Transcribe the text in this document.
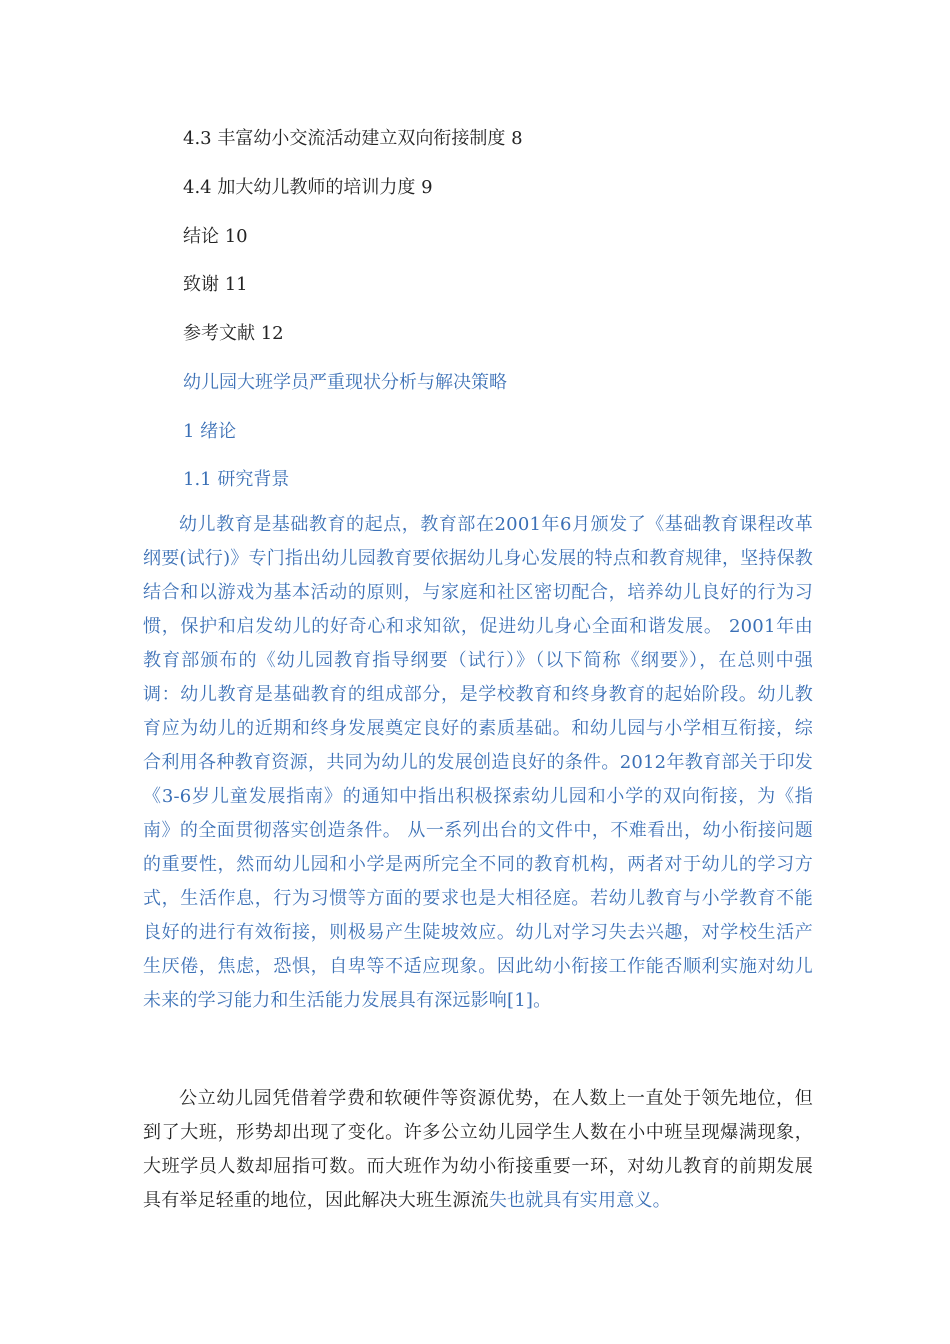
4.3 丰富幼小交流活动建立双向衔接制度 8

4.4 加大幼儿教师的培训力度 9

结论 10

致谢 11

参考文献 12

幼儿园大班学员严重现状分析与解决策略

1 绪论

1.1 研究背景

幼儿教育是基础教育的起点，教育部在2001年6月颁发了《基础教育课程改革纲要(试行)》专门指出幼儿园教育要依据幼儿身心发展的特点和教育规律，坚持保教结合和以游戏为基本活动的原则，与家庭和社区密切配合，培养幼儿良好的行为习惯，保护和启发幼儿的好奇心和求知欲，促进幼儿身心全面和谐发展。 2001年由教育部颁布的《幼儿园教育指导纲要（试行）》（以下简称《纲要》），在总则中强调：幼儿教育是基础教育的组成部分，是学校教育和终身教育的起始阶段。幼儿教育应为幼儿的近期和终身发展奠定良好的素质基础。和幼儿园与小学相互衔接，综合利用各种教育资源，共同为幼儿的发展创造良好的条件。2012年教育部关于印发《3-6岁儿童发展指南》的通知中指出积极探索幼儿园和小学的双向衔接，为《指南》的全面贯彻落实创造条件。 从一系列出台的文件中，不难看出，幼小衔接问题的重要性，然而幼儿园和小学是两所完全不同的教育机构，两者对于幼儿的学习方式，生活作息，行为习惯等方面的要求也是大相径庭。若幼儿教育与小学教育不能良好的进行有效衔接，则极易产生陡坡效应。幼儿对学习失去兴趣，对学校生活产生厌倦，焦虑，恐惧，自卑等不适应现象。因此幼小衔接工作能否顺利实施对幼儿未来的学习能力和生活能力发展具有深远影响[1]。

公立幼儿园凭借着学费和软硬件等资源优势，在人数上一直处于领先地位，但到了大班，形势却出现了变化。许多公立幼儿园学生人数在小中班呈现爆满现象，大班学员人数却屈指可数。而大班作为幼小衔接重要一环，对幼儿教育的前期发展具有举足轻重的地位，因此解决大班生源流失也就具有实用意义。
